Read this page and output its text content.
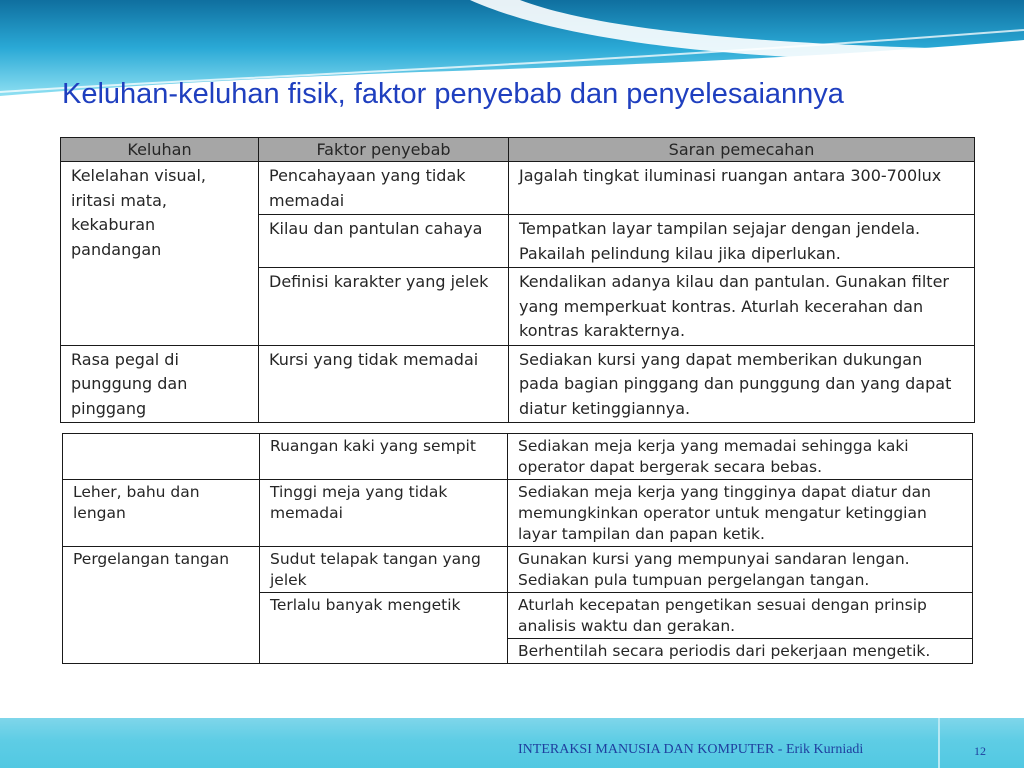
Keluhan-keluhan fisik, faktor penyebab dan penyelesaiannya
Keluhan	Faktor penyebab	Saran pemecahan
Kelelahan visual, iritasi mata, kekaburan pandangan	Pencahayaan yang tidak memadai	Jagalah tingkat iluminasi ruangan antara 300-700lux
	Kilau dan pantulan cahaya	Tempatkan layar tampilan sejajar dengan jendela. Pakailah pelindung kilau jika diperlukan.
	Definisi karakter yang jelek	Kendalikan adanya kilau dan pantulan. Gunakan filter yang memperkuat kontras. Aturlah kecerahan dan kontras karakternya.
Rasa pegal di punggung dan pinggang	Kursi yang tidak memadai	Sediakan kursi yang dapat memberikan dukungan pada bagian pinggang dan punggung dan yang dapat diatur ketinggiannya.
	Ruangan kaki yang sempit	Sediakan meja kerja yang memadai sehingga kaki operator dapat bergerak secara bebas.
Leher, bahu dan lengan	Tinggi meja yang tidak memadai	Sediakan meja kerja yang tingginya dapat diatur dan memungkinkan operator untuk mengatur ketinggian layar tampilan dan papan ketik.
Pergelangan tangan	Sudut telapak tangan yang jelek	Gunakan kursi yang mempunyai sandaran lengan. Sediakan pula tumpuan pergelangan tangan.
	Terlalu banyak mengetik	Aturlah kecepatan pengetikan sesuai dengan prinsip analisis waktu dan gerakan.
		Berhentilah secara periodis dari pekerjaan mengetik.
INTERAKSI MANUSIA DAN KOMPUTER - Erik Kurniadi	12
